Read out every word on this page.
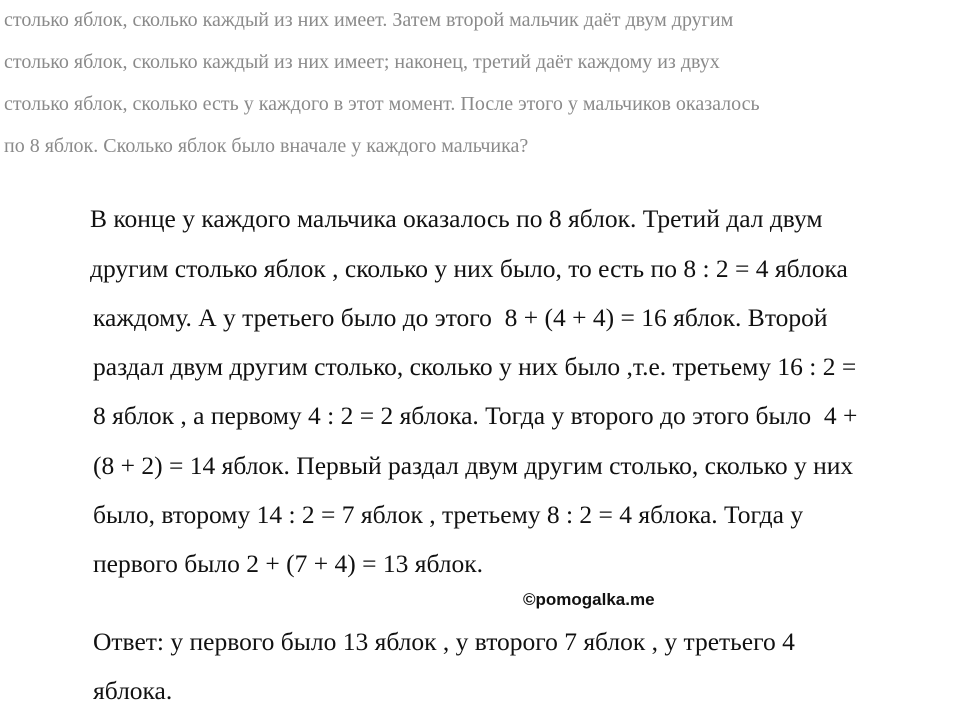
столько яблок, сколько каждый из них имеет. Затем второй мальчик даёт двум другим
столько яблок, сколько каждый из них имеет; наконец, третий даёт каждому из двух
столько яблок, сколько есть у каждого в этот момент. После этого у мальчиков оказалось
по 8 яблок. Сколько яблок было вначале у каждого мальчика?
В конце у каждого мальчика оказалось по 8 яблок. Третий дал двум
другим столько яблок , сколько у них было, то есть по 8 : 2 = 4 яблока
каждому. А у третьего было до этого  8 + (4 + 4) = 16 яблок. Второй
раздал двум другим столько, сколько у них было ,т.е. третьему 16 : 2 =
8 яблок , а первому 4 : 2 = 2 яблока. Тогда у второго до этого было  4 +
(8 + 2) = 14 яблок. Первый раздал двум другим столько, сколько у них
было, второму 14 : 2 = 7 яблок , третьему 8 : 2 = 4 яблока. Тогда у
первого было 2 + (7 + 4) = 13 яблок.
©pomogalka.me
Ответ: у первого было 13 яблок , у второго 7 яблок , у третьего 4
яблока.
